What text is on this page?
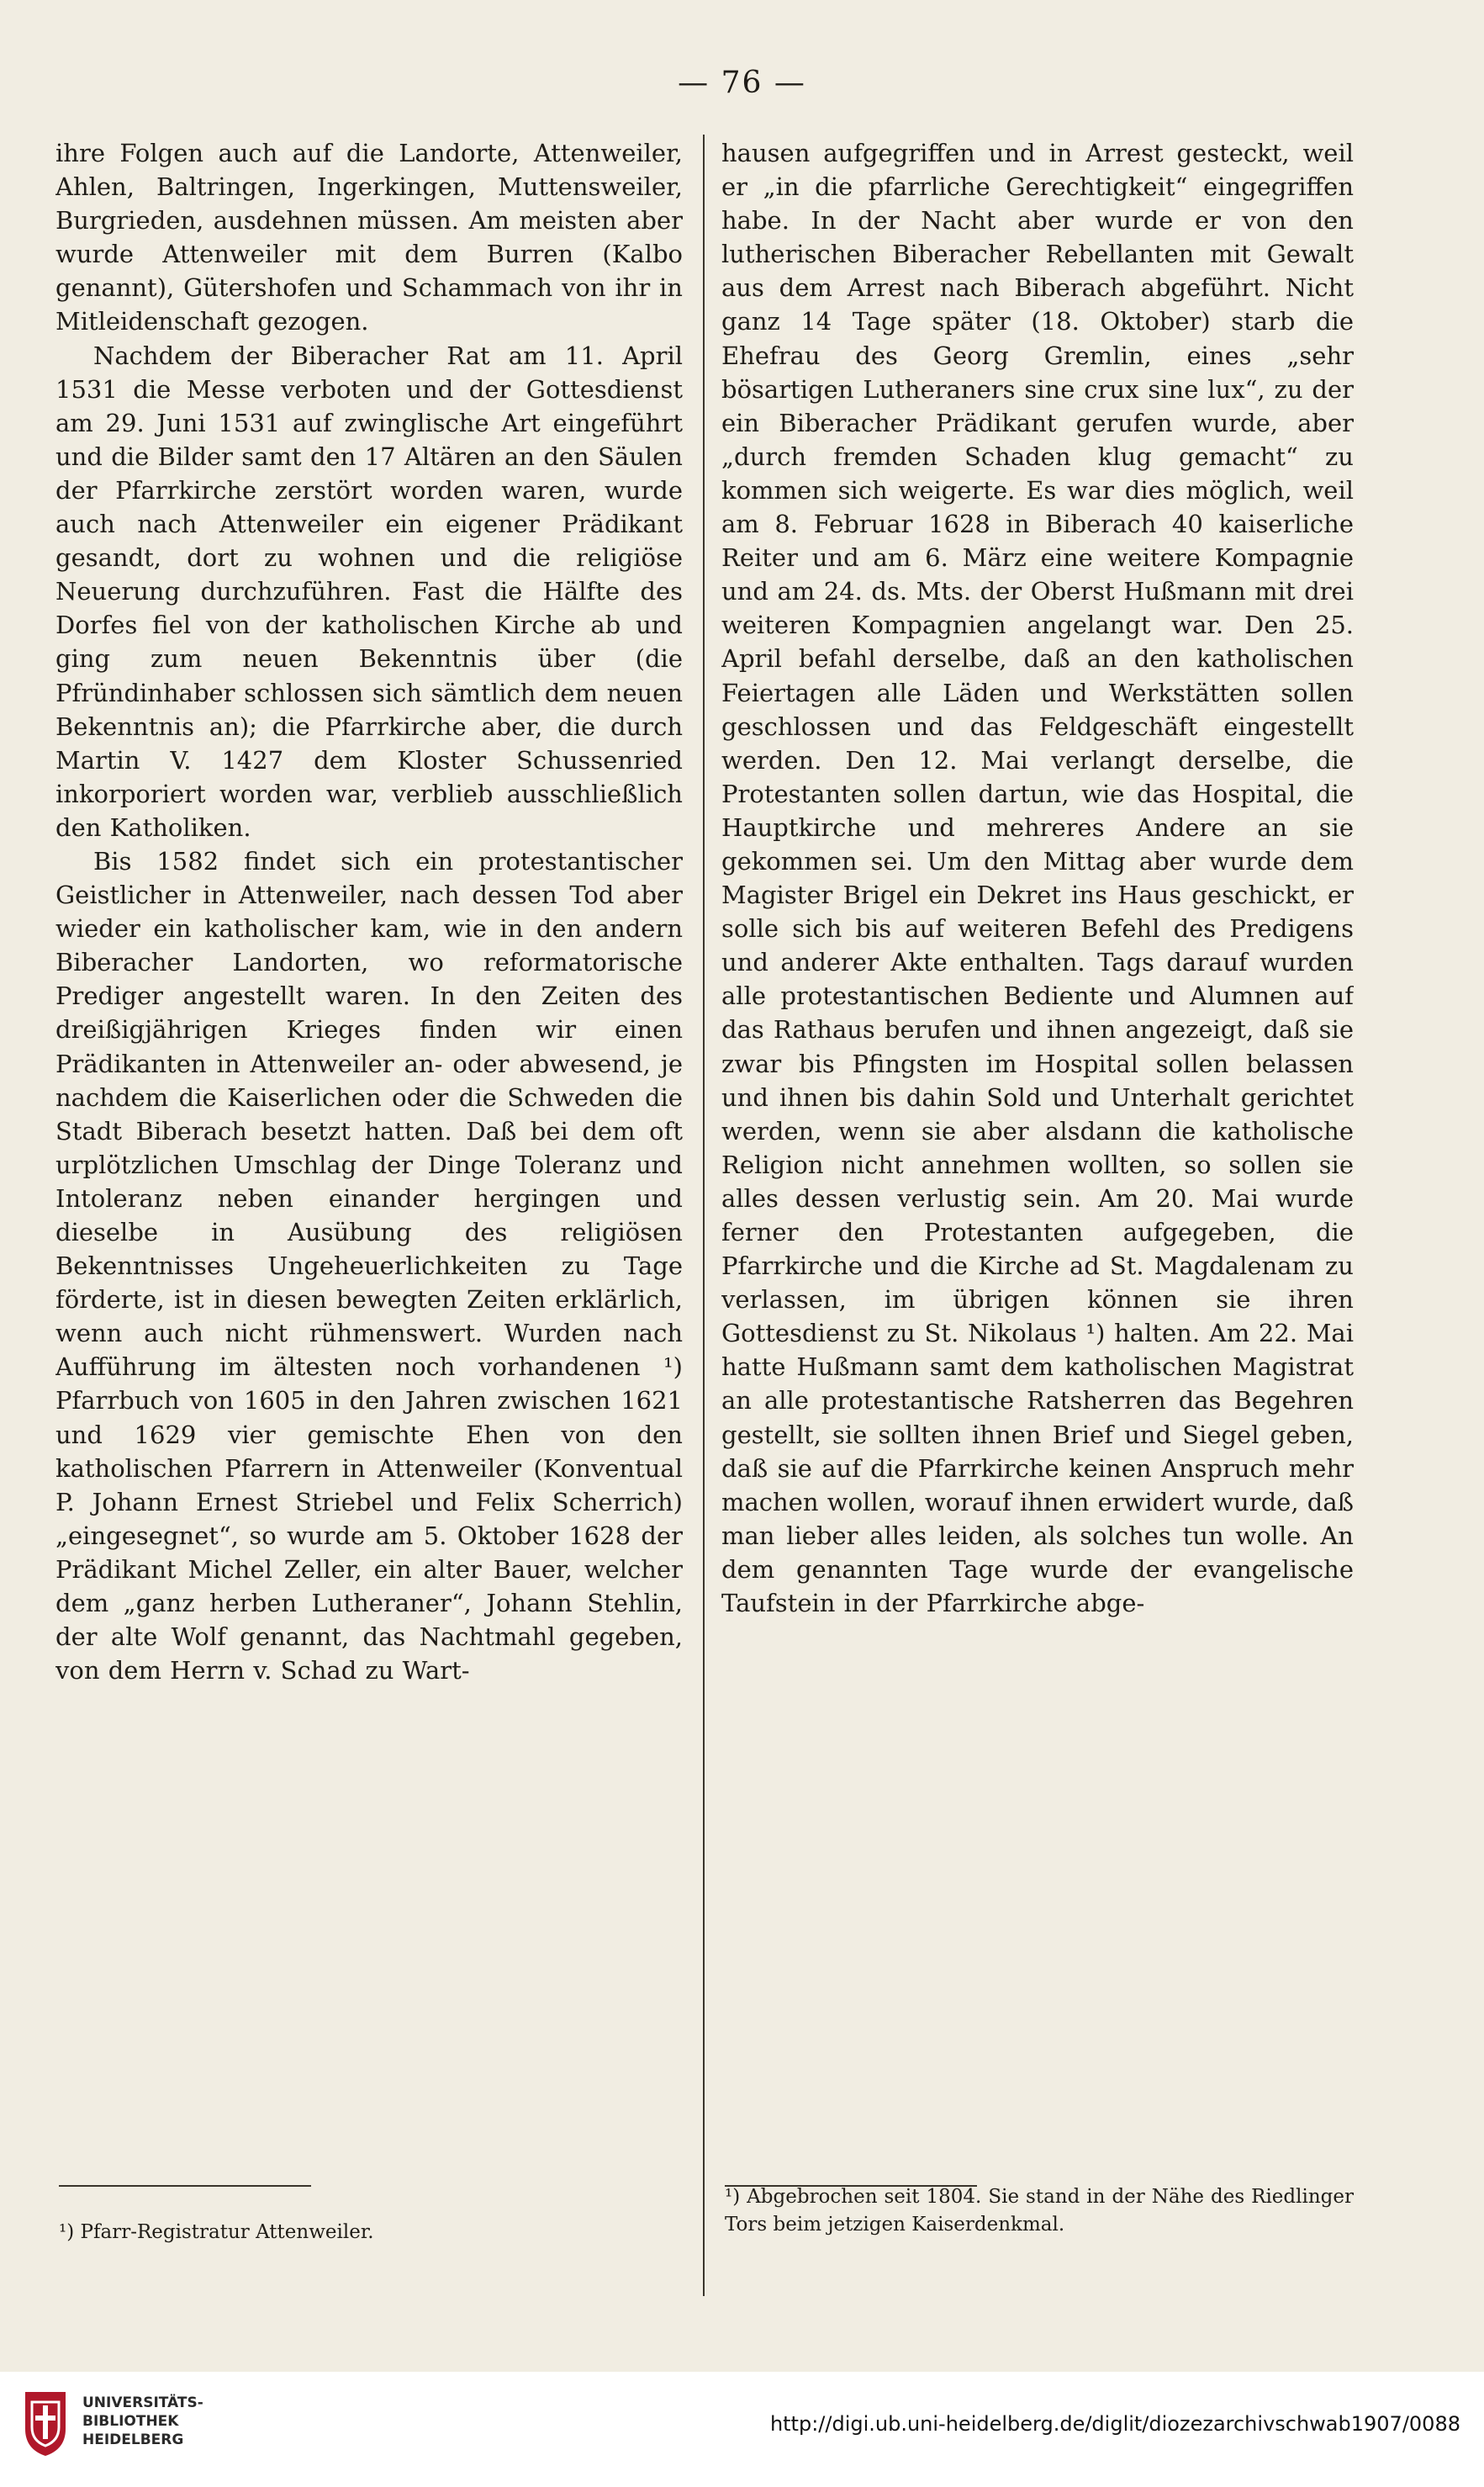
— 76 —

ihre Folgen auch auf die Landorte, Attenweiler, Ahlen, Baltringen, Ingerkingen, Muttensweiler, Burgrieden, ausdehnen müssen. Am meisten aber wurde Attenweiler mit dem Burren (Kalbo genannt), Gütershofen und Schammach von ihr in Mitleidenschaft gezogen.

Nachdem der Biberacher Rat am 11. April 1531 die Messe verboten und der Gottesdienst am 29. Juni 1531 auf zwinglische Art eingeführt und die Bilder samt den 17 Altären an den Säulen der Pfarrkirche zerstört worden waren, wurde auch nach Attenweiler ein eigener Prädikant gesandt, dort zu wohnen und die religiöse Neuerung durchzuführen. Fast die Hälfte des Dorfes fiel von der katholischen Kirche ab und ging zum neuen Bekenntnis über (die Pfründinhaber schlossen sich sämtlich dem neuen Bekenntnis an); die Pfarrkirche aber, die durch Martin V. 1427 dem Kloster Schussenried inkorporiert worden war, verblieb ausschließlich den Katholiken.

Bis 1582 findet sich ein protestantischer Geistlicher in Attenweiler, nach dessen Tod aber wieder ein katholischer kam, wie in den andern Biberacher Landorten, wo reformatorische Prediger angestellt waren. In den Zeiten des dreißigjährigen Krieges finden wir einen Prädikanten in Attenweiler an- oder abwesend, je nachdem die Kaiserlichen oder die Schweden die Stadt Biberach besetzt hatten. Daß bei dem oft urplötzlichen Umschlag der Dinge Toleranz und Intoleranz neben einander hergingen und dieselbe in Ausübung des religiösen Bekenntnisses Ungeheuerlichkeiten zu Tage förderte, ist in diesen bewegten Zeiten erklärlich, wenn auch nicht rühmenswert. Wurden nach Aufführung im ältesten noch vorhandenen ¹) Pfarrbuch von 1605 in den Jahren zwischen 1621 und 1629 vier gemischte Ehen von den katholischen Pfarrern in Attenweiler (Konventual P. Johann Ernest Striebel und Felix Scherrich) „eingesegnet“, so wurde am 5. Oktober 1628 der Prädikant Michel Zeller, ein alter Bauer, welcher dem „ganz herben Lutheraner“, Johann Stehlin, der alte Wolf genannt, das Nachtmahl gegeben, von dem Herrn v. Schad zu Wart-

hausen aufgegriffen und in Arrest gesteckt, weil er „in die pfarrliche Gerechtigkeit“ eingegriffen habe. In der Nacht aber wurde er von den lutherischen Biberacher Rebellanten mit Gewalt aus dem Arrest nach Biberach abgeführt. Nicht ganz 14 Tage später (18. Oktober) starb die Ehefrau des Georg Gremlin, eines „sehr bösartigen Lutheraners sine crux sine lux“, zu der ein Biberacher Prädikant gerufen wurde, aber „durch fremden Schaden klug gemacht“ zu kommen sich weigerte. Es war dies möglich, weil am 8. Februar 1628 in Biberach 40 kaiserliche Reiter und am 6. März eine weitere Kompagnie und am 24. ds. Mts. der Oberst Hußmann mit drei weiteren Kompagnien angelangt war. Den 25. April befahl derselbe, daß an den katholischen Feiertagen alle Läden und Werkstätten sollen geschlossen und das Feldgeschäft eingestellt werden. Den 12. Mai verlangt derselbe, die Protestanten sollen dartun, wie das Hospital, die Hauptkirche und mehreres Andere an sie gekommen sei. Um den Mittag aber wurde dem Magister Brigel ein Dekret ins Haus geschickt, er solle sich bis auf weiteren Befehl des Predigens und anderer Akte enthalten. Tags darauf wurden alle protestantischen Bediente und Alumnen auf das Rathaus berufen und ihnen angezeigt, daß sie zwar bis Pfingsten im Hospital sollen belassen und ihnen bis dahin Sold und Unterhalt gerichtet werden, wenn sie aber alsdann die katholische Religion nicht annehmen wollten, so sollen sie alles dessen verlustig sein. Am 20. Mai wurde ferner den Protestanten aufgegeben, die Pfarrkirche und die Kirche ad St. Magdalenam zu verlassen, im übrigen können sie ihren Gottesdienst zu St. Nikolaus ¹) halten. Am 22. Mai hatte Hußmann samt dem katholischen Magistrat an alle protestantische Ratsherren das Begehren gestellt, sie sollten ihnen Brief und Siegel geben, daß sie auf die Pfarrkirche keinen Anspruch mehr machen wollen, worauf ihnen erwidert wurde, daß man lieber alles leiden, als solches tun wolle. An dem genannten Tage wurde der evangelische Taufstein in der Pfarrkirche abge-

¹) Pfarr-Registratur Attenweiler.
¹) Abgebrochen seit 1804. Sie stand in der Nähe des Riedlinger Tors beim jetzigen Kaiserdenkmal.
UNIVERSITÄTS-
BIBLIOTHEK
HEIDELBERG
http://digi.ub.uni-heidelberg.de/diglit/diozezarchivschwab1907/0088
